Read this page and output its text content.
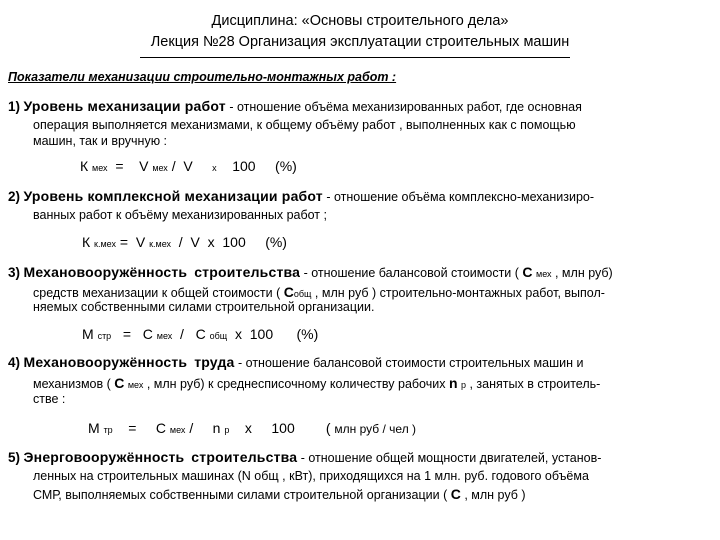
Дисциплина: «Основы строительного дела»
Лекция №28 Организация эксплуатации строительных машин
Показатели механизации строительно-монтажных работ :
1) Уровень механизации работ - отношение объёма механизированных работ, где основная
операция выполняется механизмами, к общему объёму работ , выполненных как с помощью
машин, так и вручную :
К мех = V мех / V х 100 (%)
2) Уровень комплексной механизации работ - отношение объёма комплексно-механизиро-
ванных работ к объёму механизированных работ ;
К к.мех = V к.мех / V х 100 (%)
3) Механовооружённость строительства - отношение балансовой стоимости ( С мех , млн руб)
средств механизации к общей стоимости ( Собщ , млн руб ) строительно-монтажных работ, выпол-
няемых собственными силами строительной организации.
М стр = С мех / С общ х 100 (%)
4) Механовооружённость труда - отношение балансовой стоимости строительных машин и
механизмов ( С мех , млн руб) к среднесписочному количеству рабочих n р , занятых в строитель-
стве :
М тр = С мех / n р х 100 ( млн руб / чел )
5) Энерговооружённость строительства - отношение общей мощности двигателей, установ-
ленных на строительных машинах (N общ , кВт), приходящихся на 1 млн. руб. годового объёма
СМР, выполняемых собственными силами строительной организации ( С , млн руб )
